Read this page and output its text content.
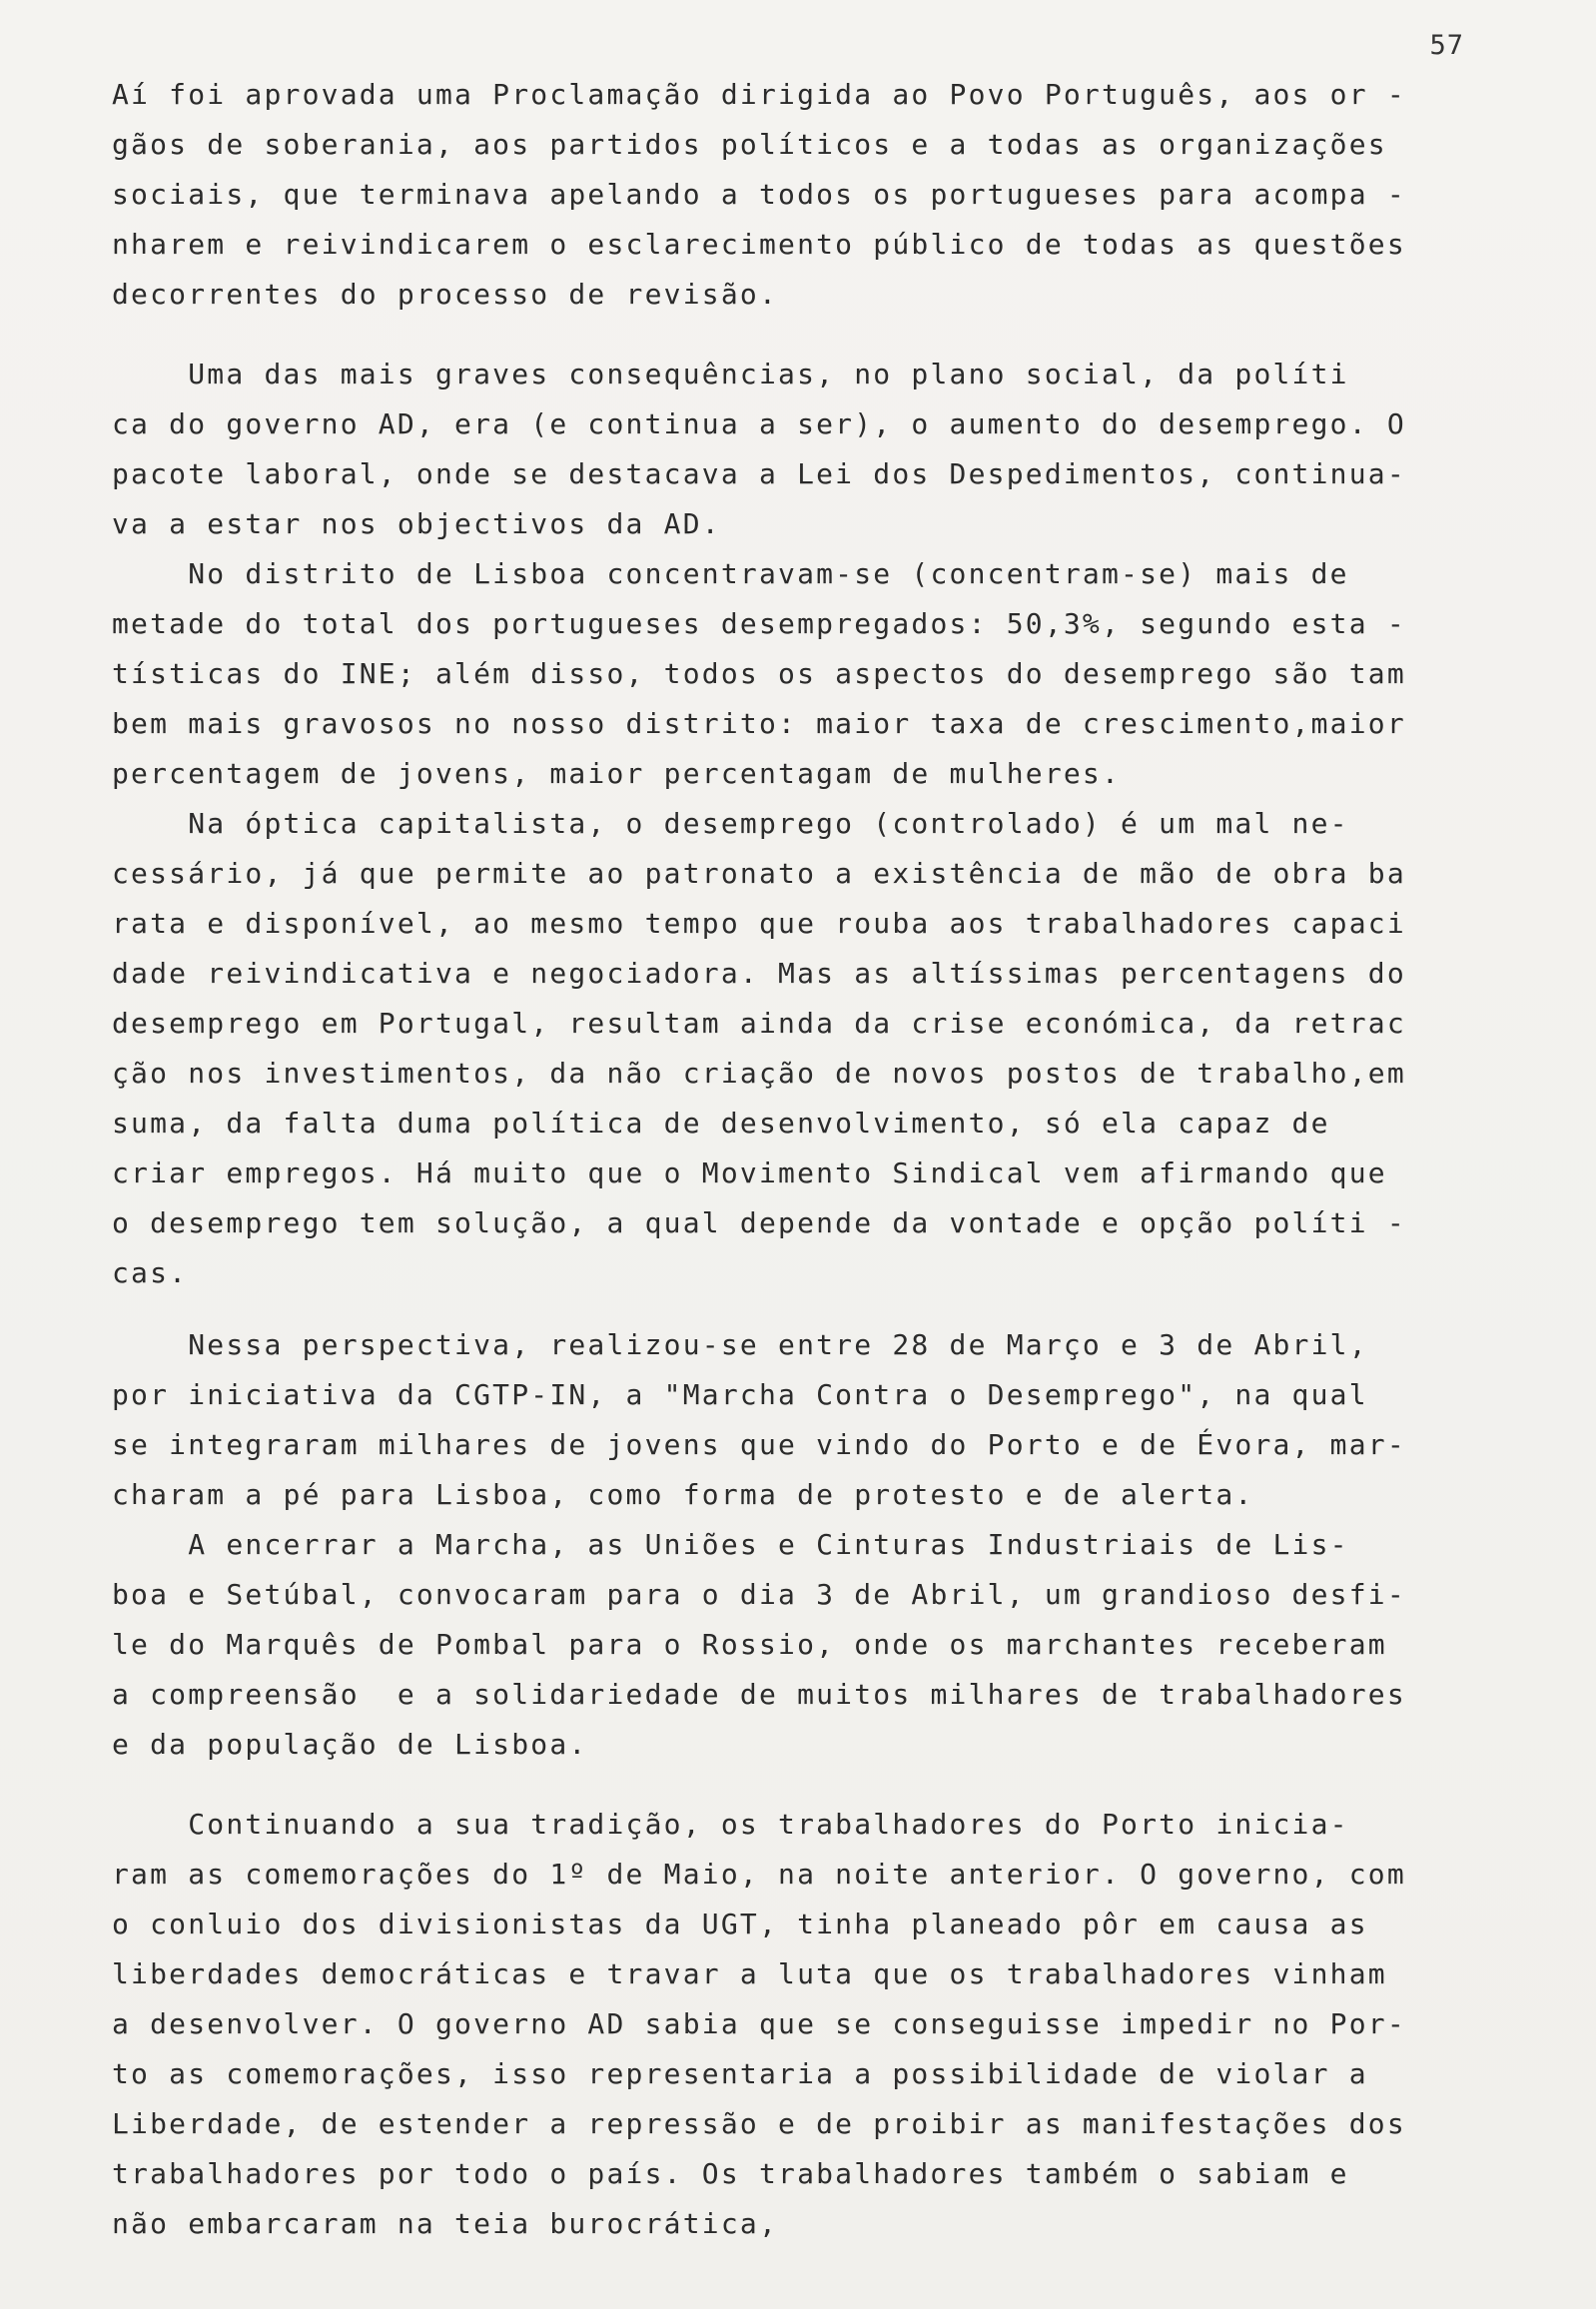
57
Aí foi aprovada uma Proclamação dirigida ao Povo Português, aos or -
gãos de soberania, aos partidos políticos e a todas as organizações
sociais, que terminava apelando a todos os portugueses para acompa -
nharem e reivindicarem o esclarecimento público de todas as questões
decorrentes do processo de revisão.
Uma das mais graves consequências, no plano social, da políti
ca do governo AD, era (e continua a ser), o aumento do desemprego. O
pacote laboral, onde se destacava a Lei dos Despedimentos, continua-
va a estar nos objectivos da AD.
No distrito de Lisboa concentravam-se (concentram-se) mais de
metade do total dos portugueses desempregados: 50,3%, segundo esta -
tísticas do INE; além disso, todos os aspectos do desemprego são tam
bem mais gravosos no nosso distrito: maior taxa de crescimento,maior
percentagem de jovens, maior percentagam de mulheres.
Na óptica capitalista, o desemprego (controlado) é um mal ne-
cessário, já que permite ao patronato a existência de mão de obra ba
rata e disponível, ao mesmo tempo que rouba aos trabalhadores capaci
dade reivindicativa e negociadora. Mas as altíssimas percentagens do
desemprego em Portugal, resultam ainda da crise económica, da retrac
ção nos investimentos, da não criação de novos postos de trabalho,em
suma, da falta duma política de desenvolvimento, só ela capaz de
criar empregos. Há muito que o Movimento Sindical vem afirmando que
o desemprego tem solução, a qual depende da vontade e opção políti -
cas.
Nessa perspectiva, realizou-se entre 28 de Março e 3 de Abril,
por iniciativa da CGTP-IN, a "Marcha Contra o Desemprego", na qual
se integraram milhares de jovens que vindo do Porto e de Évora, mar-
charam a pé para Lisboa, como forma de protesto e de alerta.
A encerrar a Marcha, as Uniões e Cinturas Industriais de Lis-
boa e Setúbal, convocaram para o dia 3 de Abril, um grandioso desfi-
le do Marquês de Pombal para o Rossio, onde os marchantes receberam
a compreensão  e a solidariedade de muitos milhares de trabalhadores
e da população de Lisboa.
Continuando a sua tradição, os trabalhadores do Porto inicia-
ram as comemorações do 1º de Maio, na noite anterior. O governo, com
o conluio dos divisionistas da UGT, tinha planeado pôr em causa as
liberdades democráticas e travar a luta que os trabalhadores vinham
a desenvolver. O governo AD sabia que se conseguisse impedir no Por-
to as comemorações, isso representaria a possibilidade de violar a
Liberdade, de estender a repressão e de proibir as manifestações dos
trabalhadores por todo o país. Os trabalhadores também o sabiam e
não embarcaram na teia burocrática,
